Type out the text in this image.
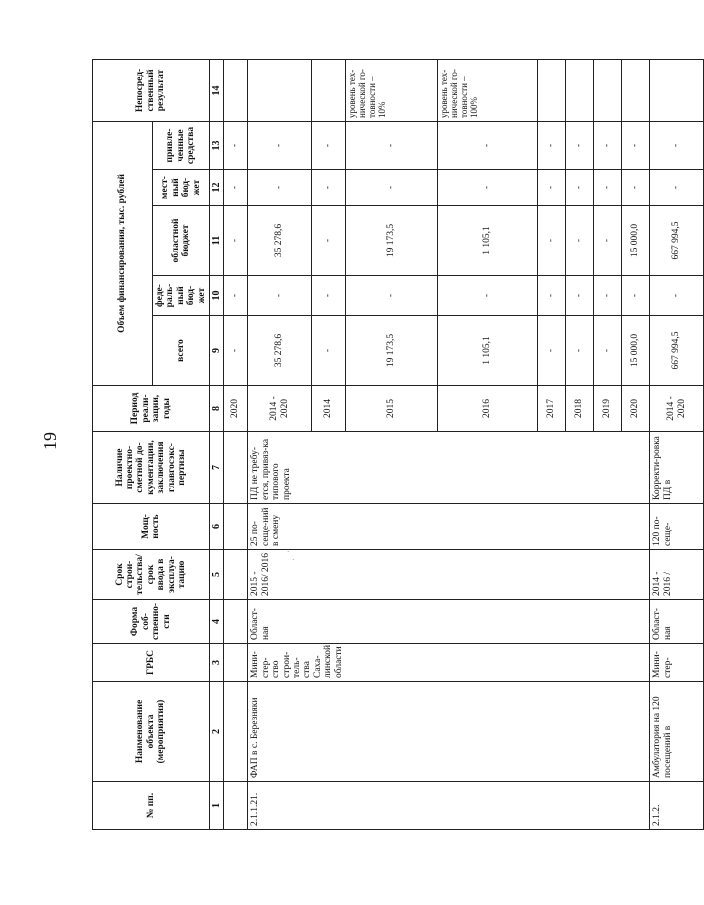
19
·
·
№ пп.	Наименование объекта (мероприятия)	ГРБС	Форма соб-ственно-сти	Срок строи-тельства/срок ввода в эксплуа-тацию	Мощ-ность	Наличие проектно-сметной до-кументации, заключения главгосэкс-пертизы	Период реали-зации, годы	Объем финансирования, тыс. рублей					Непосред-ственный результат
								всего	феде-раль-ный бюд-жет	областной бюджет	мест-ный бюд-жет	привле-ченные средства	
1	2	3	4	5	6	7	8	9	10	11	12	13	14
							2020	-	-	-	-	-	
2.1.1.21.	ФАП в с. Березняки	Мини-стер-ство строи-тель-ства Саха-линской области	Област-ная	2015 - 2016/ 2016	25 по-сеще-ний в смену	ПД не требу-ется, привяз-ка типового проекта	2014 - 2020	35 278,6	-	35 278,6	-	-	
							2014	-	-	-	-	-	
							2015	19 173,5	-	19 173,5	-	-	уровень тех-нической го-товности – 10%
							2016	1 105,1	-	1 105,1	-	-	уровень тех-нической го-товности – 100%
							2017	-	-	-	-	-	
							2018	-	-	-	-	-	
							2019	-	-	-	-	-	
							2020	15 000,0	-	15 000,0	-	-	
2.1.2.	Амбулатория на 120 посещений в	Мини-стер-	Област-ная	2014 - 2016 /	120 по-сеще-	Корректи-ровка ПД в	2014 - 2020	667 994,5	-	667 994,5	-	-	
